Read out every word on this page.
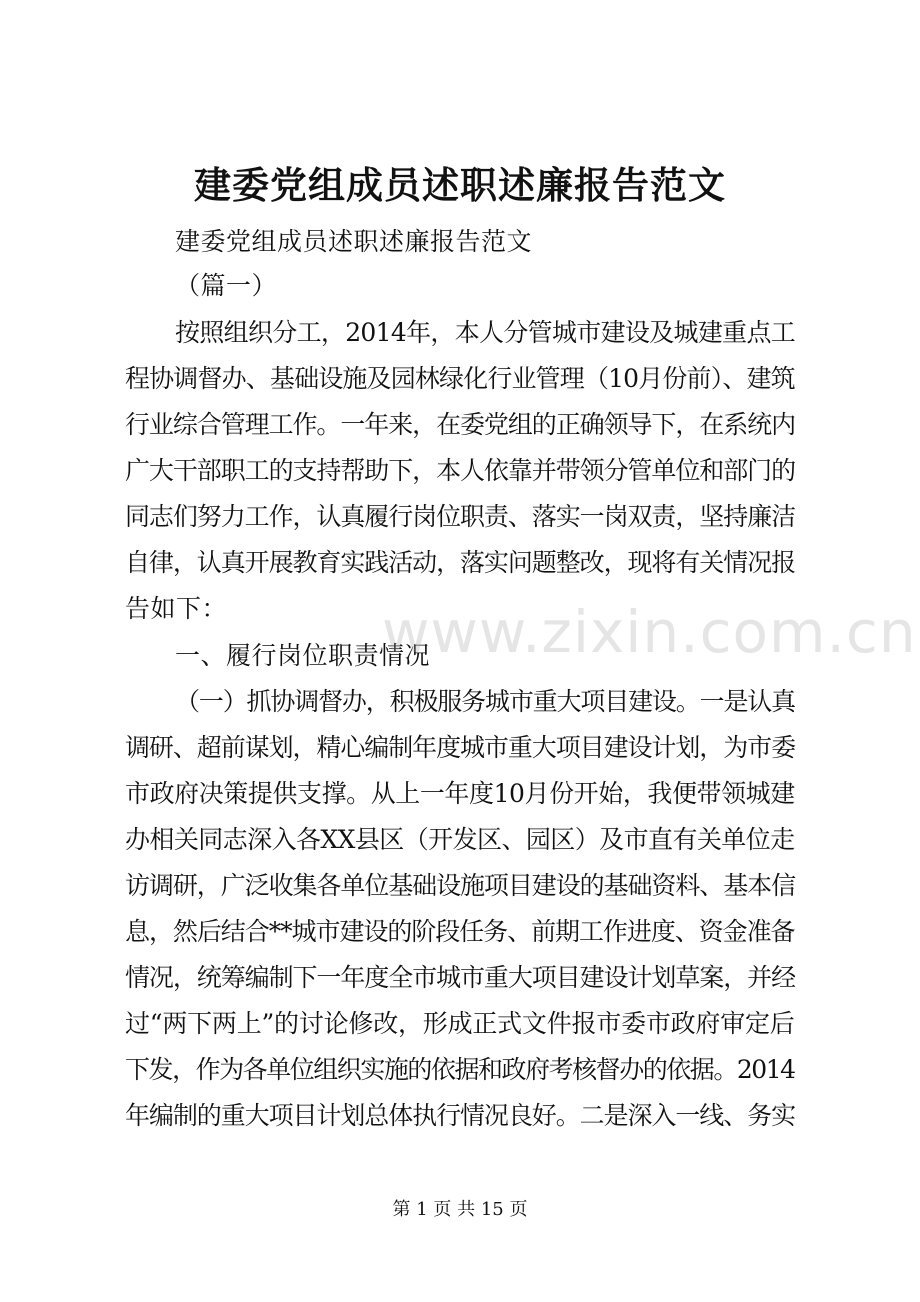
建委党组成员述职述廉报告范文
建委党组成员述职述廉报告范文
（篇一）
按照组织分工，2014年，本人分管城市建设及城建重点工
程协调督办、基础设施及园林绿化行业管理（10月份前）、建筑
行业综合管理工作。一年来，在委党组的正确领导下，在系统内
广大干部职工的支持帮助下，本人依靠并带领分管单位和部门的
同志们努力工作，认真履行岗位职责、落实一岗双责，坚持廉洁
自律，认真开展教育实践活动，落实问题整改，现将有关情况报
告如下：
一、履行岗位职责情况
（一）抓协调督办，积极服务城市重大项目建设。一是认真
调研、超前谋划，精心编制年度城市重大项目建设计划，为市委
市政府决策提供支撑。从上一年度10月份开始，我便带领城建
办相关同志深入各XX县区（开发区、园区）及市直有关单位走
访调研，广泛收集各单位基础设施项目建设的基础资料、基本信
息，然后结合**城市建设的阶段任务、前期工作进度、资金准备
情况，统筹编制下一年度全市城市重大项目建设计划草案，并经
过“两下两上”的讨论修改，形成正式文件报市委市政府审定后
下发，作为各单位组织实施的依据和政府考核督办的依据。2014
年编制的重大项目计划总体执行情况良好。二是深入一线、务实
www.zixin.com.cn
第 1 页 共 15 页
